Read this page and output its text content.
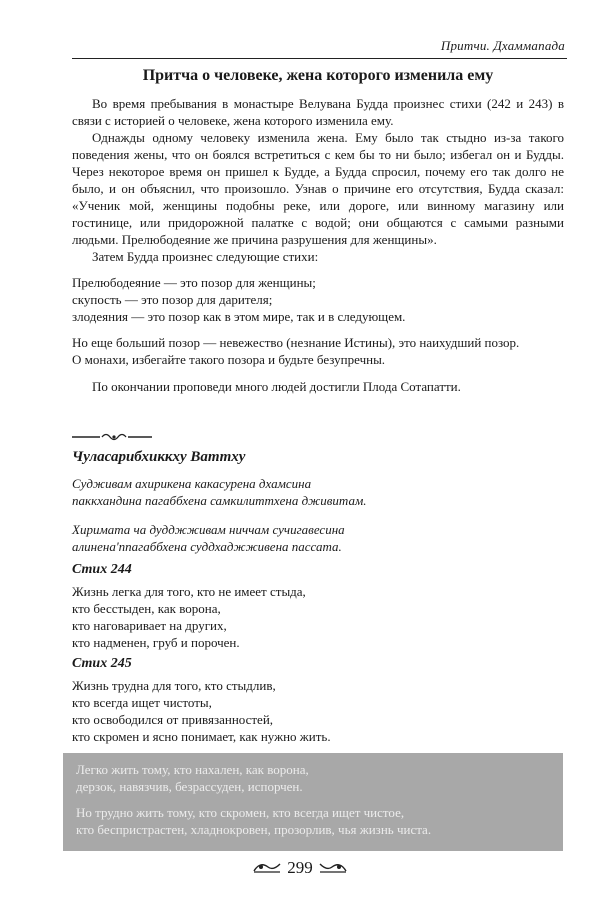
Притчи. Дхаммапада
Притча о человеке, жена которого изменила ему

Во время пребывания в монастыре Велувана Будда произнес стихи (242 и 243) в связи с историей о человеке, жена которого изменила ему.

Однажды одному человеку изменила жена. Ему было так стыдно из-за такого поведения жены, что он боялся встретиться с кем бы то ни было; избегал он и Будды. Через некоторое время он пришел к Будде, а Будда спросил, почему его так долго не было, и он объяснил, что произошло. Узнав о причине его отсутствия, Будда сказал: «Ученик мой, женщины подобны реке, или дороге, или винному магазину или гостинице, или придорожной палатке с водой; они общаются с самыми разными людьми. Прелюбодеяние же причина разрушения для женщины».

Затем Будда произнес следующие стихи:

Прелюбодеяние — это позор для женщины;
скупость — это позор для дарителя;
злодеяния — это позор как в этом мире, так и в следующем.
Но еще больший позор — невежество (незнание Истины), это наихудший позор.
О монахи, избегайте такого позора и будьте безупречны.

По окончании проповеди много людей достигли Плода Сотапатти.

Чуласарибхиккху Ваттху
Судживам ахирикена какасурена дхамсина
паккхандина пагаббхена самкилиттхена дживитам.
Хиримата ча дудджживам ниччам сучигавесина
алиненa'ппагаббхена суддхаджживена пассата.
Стих 244
Жизнь легка для того, кто не имеет стыда,
кто бесстыден, как ворона,
кто наговаривает на других,
кто надменен, груб и порочен.
Стих 245
Жизнь трудна для того, кто стыдлив,
кто всегда ищет чистоты,
кто освободился от привязанностей,
кто скромен и ясно понимает, как нужно жить.
Легко жить тому, кто нахален, как ворона,
дерзок, навязчив, безрассуден, испорчен.
Но трудно жить тому, кто скромен, кто всегда ищет чистое,
кто беспристрастен, хладнокровен, прозорлив, чья жизнь чиста.
299
